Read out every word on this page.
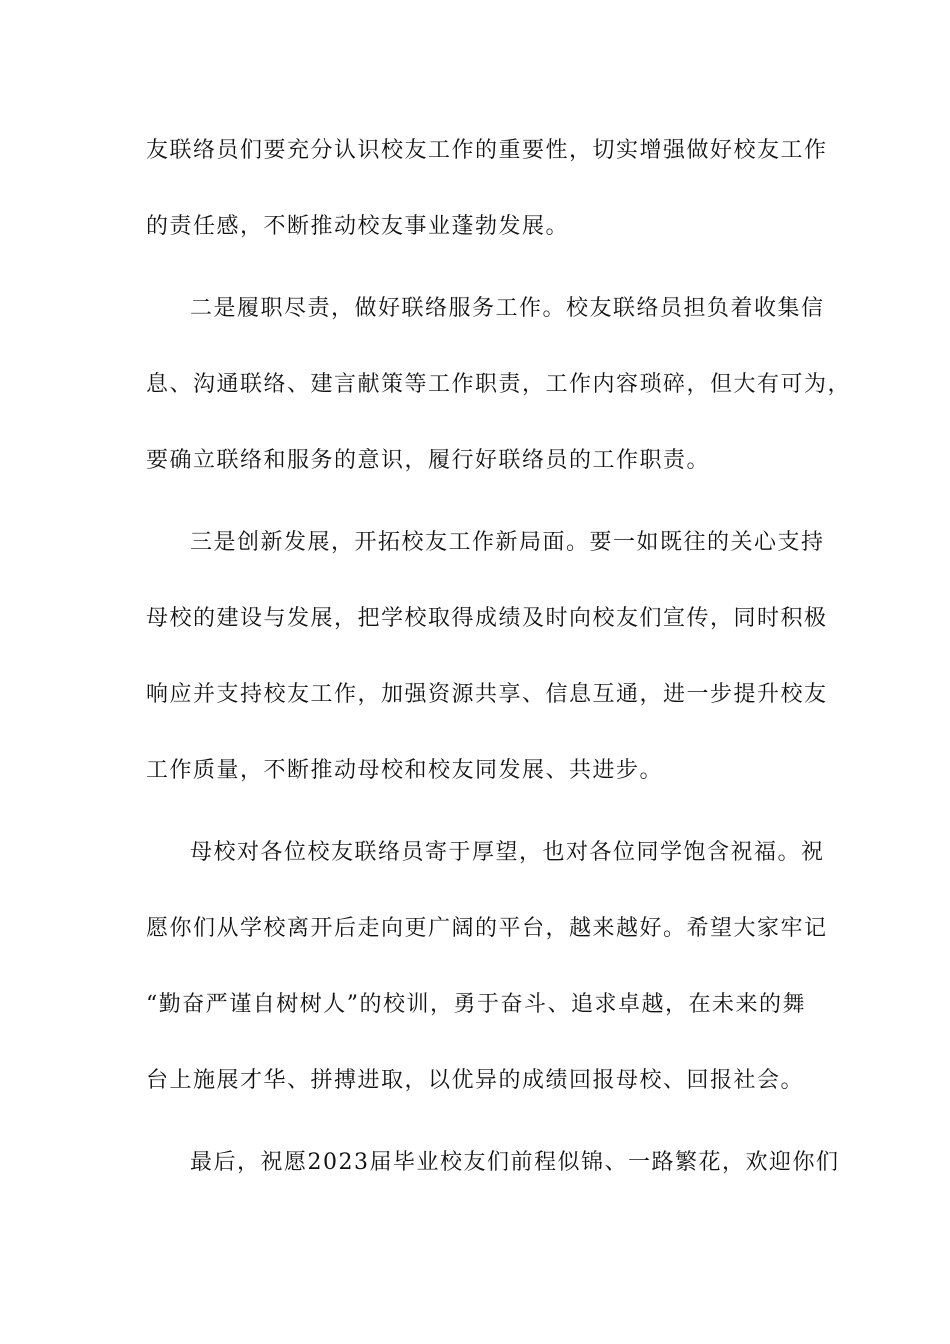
友联络员们要充分认识校友工作的重要性，切实增强做好校友工作
的责任感，不断推动校友事业蓬勃发展。
二是履职尽责，做好联络服务工作。校友联络员担负着收集信
息、沟通联络、建言献策等工作职责，工作内容琐碎，但大有可为，
要确立联络和服务的意识，履行好联络员的工作职责。
三是创新发展，开拓校友工作新局面。要一如既往的关心支持
母校的建设与发展，把学校取得成绩及时向校友们宣传，同时积极
响应并支持校友工作，加强资源共享、信息互通，进一步提升校友
工作质量，不断推动母校和校友同发展、共进步。
母校对各位校友联络员寄于厚望，也对各位同学饱含祝福。祝
愿你们从学校离开后走向更广阔的平台，越来越好。希望大家牢记
“勤奋严谨自树树人”的校训，勇于奋斗、追求卓越，在未来的舞
台上施展才华、拼搏进取，以优异的成绩回报母校、回报社会。
最后，祝愿2023届毕业校友们前程似锦、一路繁花，欢迎你们
